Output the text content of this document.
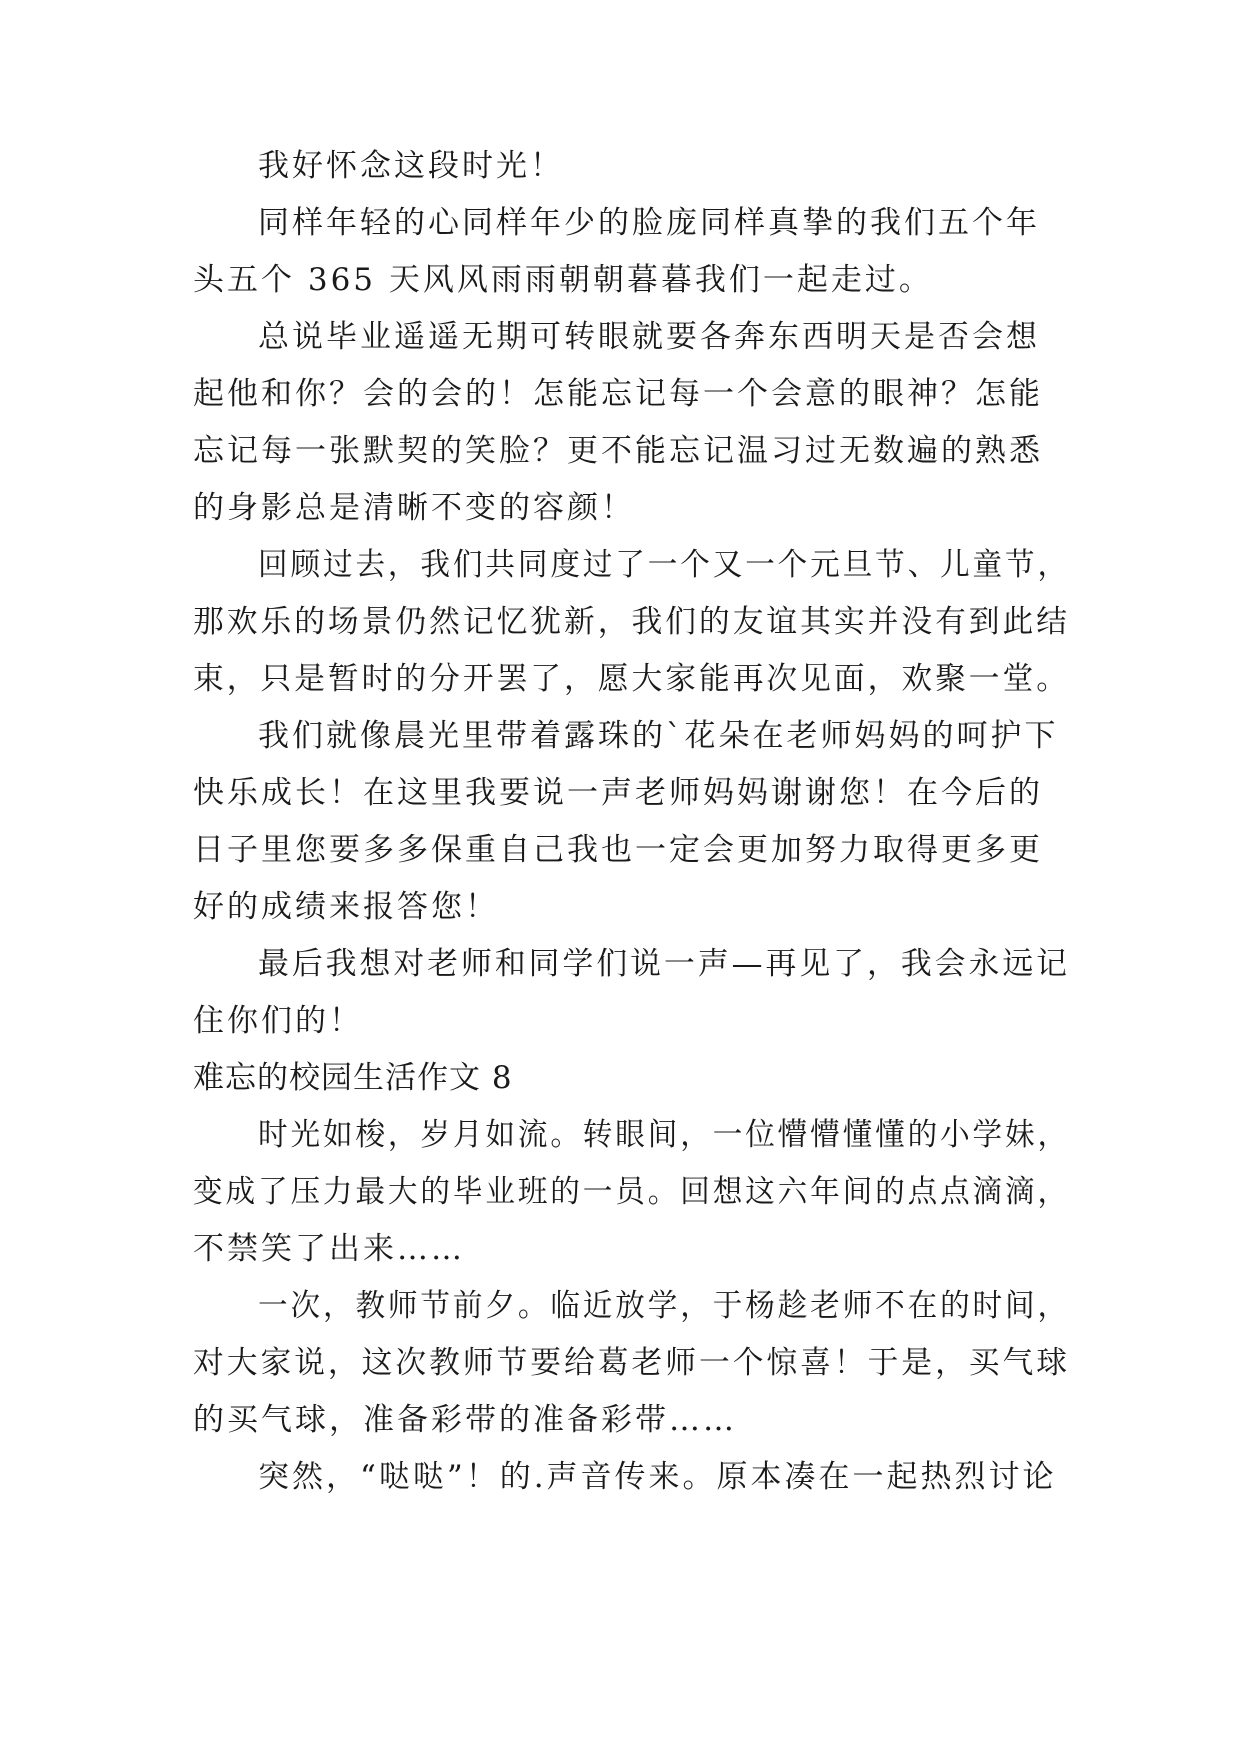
我好怀念这段时光！
同样年轻的心同样年少的脸庞同样真挚的我们五个年
头五个 365 天风风雨雨朝朝暮暮我们一起走过。
总说毕业遥遥无期可转眼就要各奔东西明天是否会想
起他和你？会的会的！怎能忘记每一个会意的眼神？怎能
忘记每一张默契的笑脸？更不能忘记温习过无数遍的熟悉
的身影总是清晰不变的容颜！
回顾过去，我们共同度过了一个又一个元旦节、儿童节，
那欢乐的场景仍然记忆犹新，我们的友谊其实并没有到此结
束，只是暂时的分开罢了，愿大家能再次见面，欢聚一堂。
我们就像晨光里带着露珠的`花朵在老师妈妈的呵护下
快乐成长！在这里我要说一声老师妈妈谢谢您！在今后的
日子里您要多多保重自己我也一定会更加努力取得更多更
好的成绩来报答您！
最后我想对老师和同学们说一声—再见了，我会永远记
住你们的！
难忘的校园生活作文 8
时光如梭，岁月如流。转眼间，一位懵懵懂懂的小学妹，
变成了压力最大的毕业班的一员。回想这六年间的点点滴滴，
不禁笑了出来……
一次，教师节前夕。临近放学，于杨趁老师不在的时间，
对大家说，这次教师节要给葛老师一个惊喜！于是，买气球
的买气球，准备彩带的准备彩带……
突然，“哒哒”！的.声音传来。原本凑在一起热烈讨论
